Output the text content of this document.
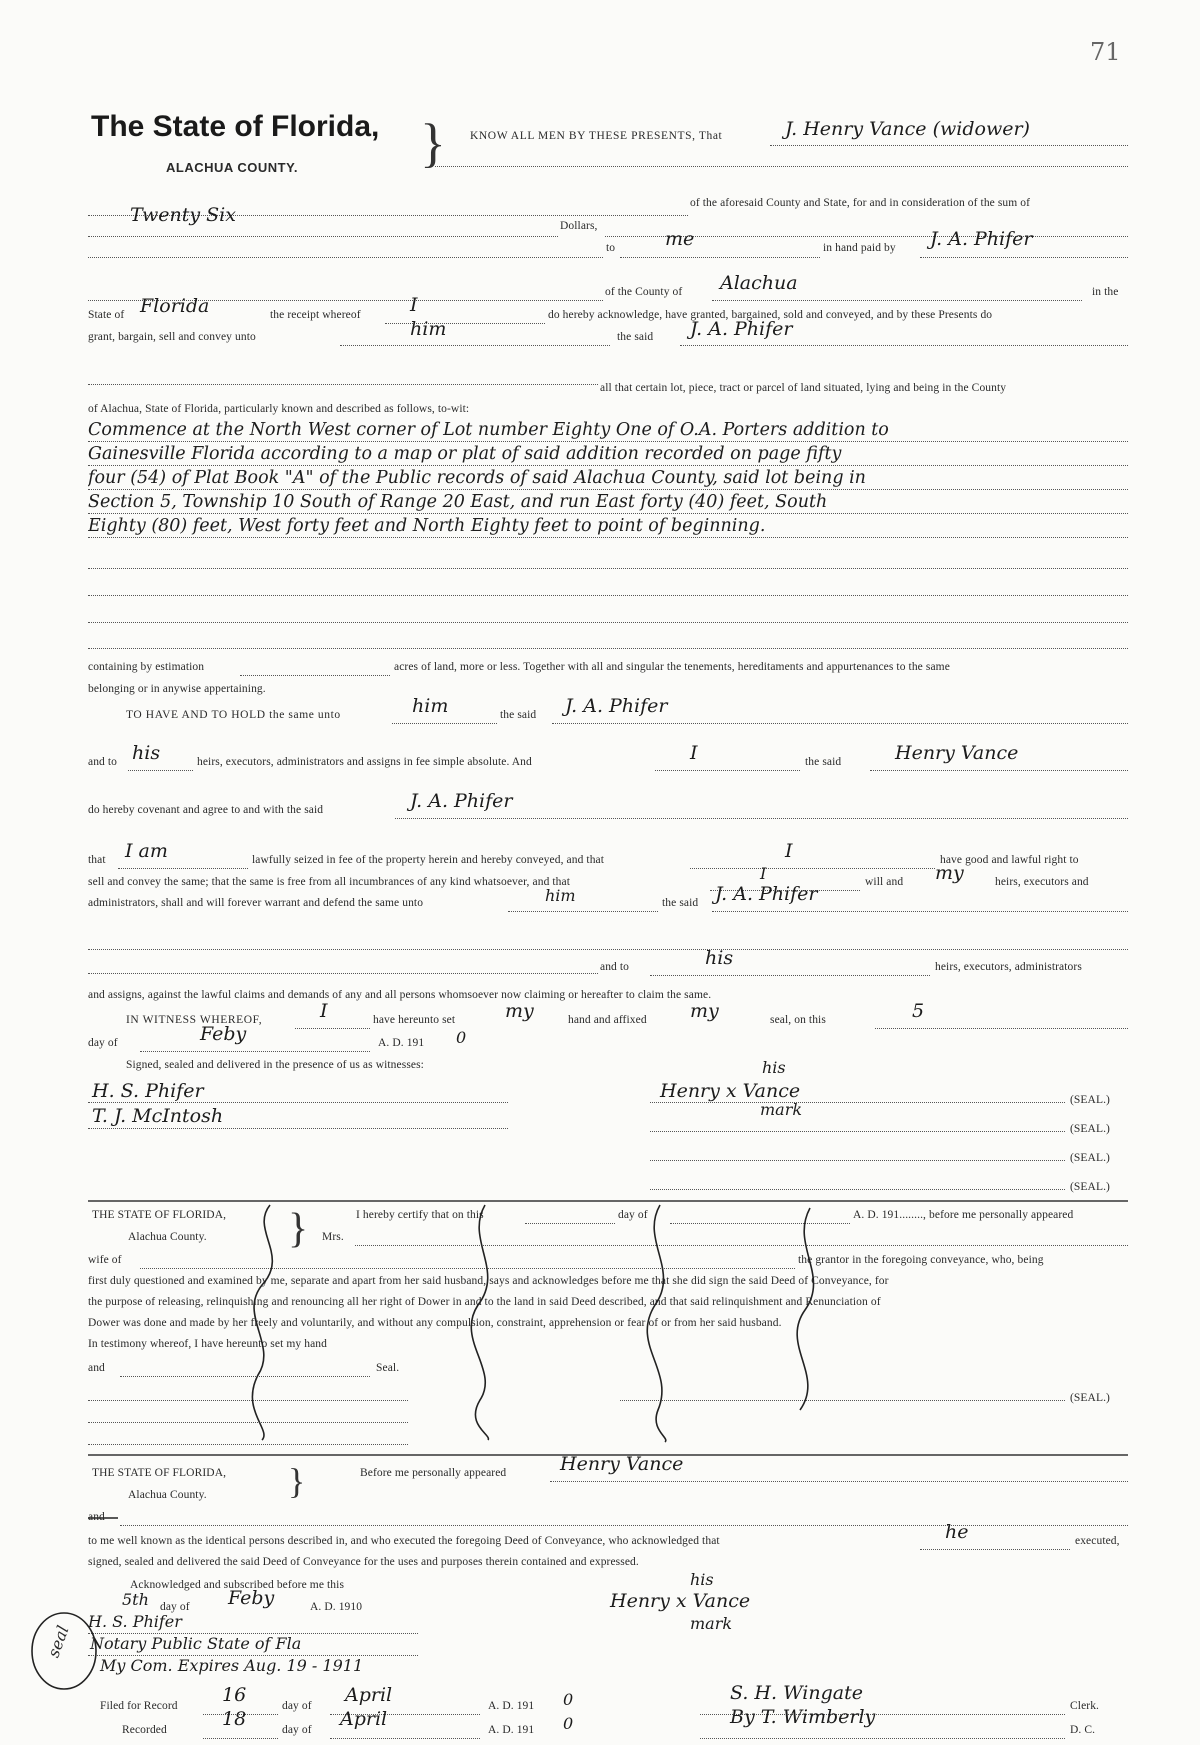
71
The State of Florida,
ALACHUA COUNTY. } KNOW ALL MEN BY THESE PRESENTS, That	J. Henry Vance (widower)
of the aforesaid County and State, for and in consideration of the sum of
Twenty Six	Dollars,
to	me	in hand paid by J. A. Phifer
of the County of Alachua	in the
State of Florida	the receipt whereof	I	do hereby acknowledge, have granted, bargained, sold and conveyed, and by these Presents do
grant, bargain, sell and convey unto	him	the said J. A. Phifer
all that certain lot, piece, tract or parcel of land situated, lying and being in the County
of Alachua, State of Florida, particularly known and described as follows, to-wit:
Commence at the North West corner of Lot number Eighty One of O.A. Porters addition to
Gainesville Florida according to a map or plat of said addition recorded on page fifty
four (54) of Plat Book "A" of the Public records of said Alachua County, said lot being in
Section 5, Township 10 South of Range 20 East, and run East forty (40) feet, South
Eighty (80) feet, West forty feet and North Eighty feet to point of beginning.
containing by estimation	acres of land, more or less. Together with all and singular the tenements, hereditaments and appurtenances to the same
belonging or in anywise appertaining.
TO HAVE AND TO HOLD the same unto	him	the said J. A. Phifer
and to his	heirs, executors, administrators and assigns in fee simple absolute. And	I	the said	Henry Vance
do hereby covenant and agree to and with the said	J. A. Phifer
that I am	lawfully seized in fee of the property herein and hereby conveyed, and that	I	have good and lawful right to
sell and convey the same; that the same is free from all incumbrances of any kind whatsoever, and that	I	will and my	heirs, executors and
administrators, shall and will forever warrant and defend the same unto	him	the said J. A. Phifer
and to	his	heirs, executors, administrators
and assigns, against the lawful claims and demands of any and all persons whomsoever now claiming or hereafter to claim the same.
IN WITNESS WHEREOF,	I	have hereunto set	my	hand and affixed my	seal, on this	5
day of	Feby	A. D. 191 0
Signed, sealed and delivered in the presence of us as witnesses:
H. S. Phifer
T. J. McIntosh
his
Henry x Vance
mark	(SEAL.)
(SEAL.)
(SEAL.)
(SEAL.)
THE STATE OF FLORIDA,
Alachua County. }	I hereby certify that on this	day of	A. D. 191........, before me personally appeared
Mrs.
wife of	the grantor in the foregoing conveyance, who, being
first duly questioned and examined by me, separate and apart from her said husband, says and acknowledges before me that she did sign the said Deed of Conveyance, for
the purpose of releasing, relinquishing and renouncing all her right of Dower in and to the land in said Deed described, and that said relinquishment and Renunciation of
Dower was done and made by her freely and voluntarily, and without any compulsion, constraint, apprehension or fear of or from her said husband.
In testimony whereof, I have hereunto set my hand
and	Seal.
(SEAL.)
THE STATE OF FLORIDA,
Alachua County. }	Before me personally appeared	Henry Vance
and
to me well known as the identical persons described in, and who executed the foregoing Deed of Conveyance, who acknowledged that	he	executed,
signed, sealed and delivered the said Deed of Conveyance for the uses and purposes therein contained and expressed.
Acknowledged and subscribed before me this
5th day of Feby	A. D. 1910
H. S. Phifer
Notary Public State of Fla
My Com. Expires Aug. 19 - 1911
seal
his
Henry x Vance
mark
Filed for Record 16	day of April	A. D. 191 0	S. H. Wingate
Clerk.
Recorded	18	day of April	A. D. 191 0	By T. Wimberly
D. C.
